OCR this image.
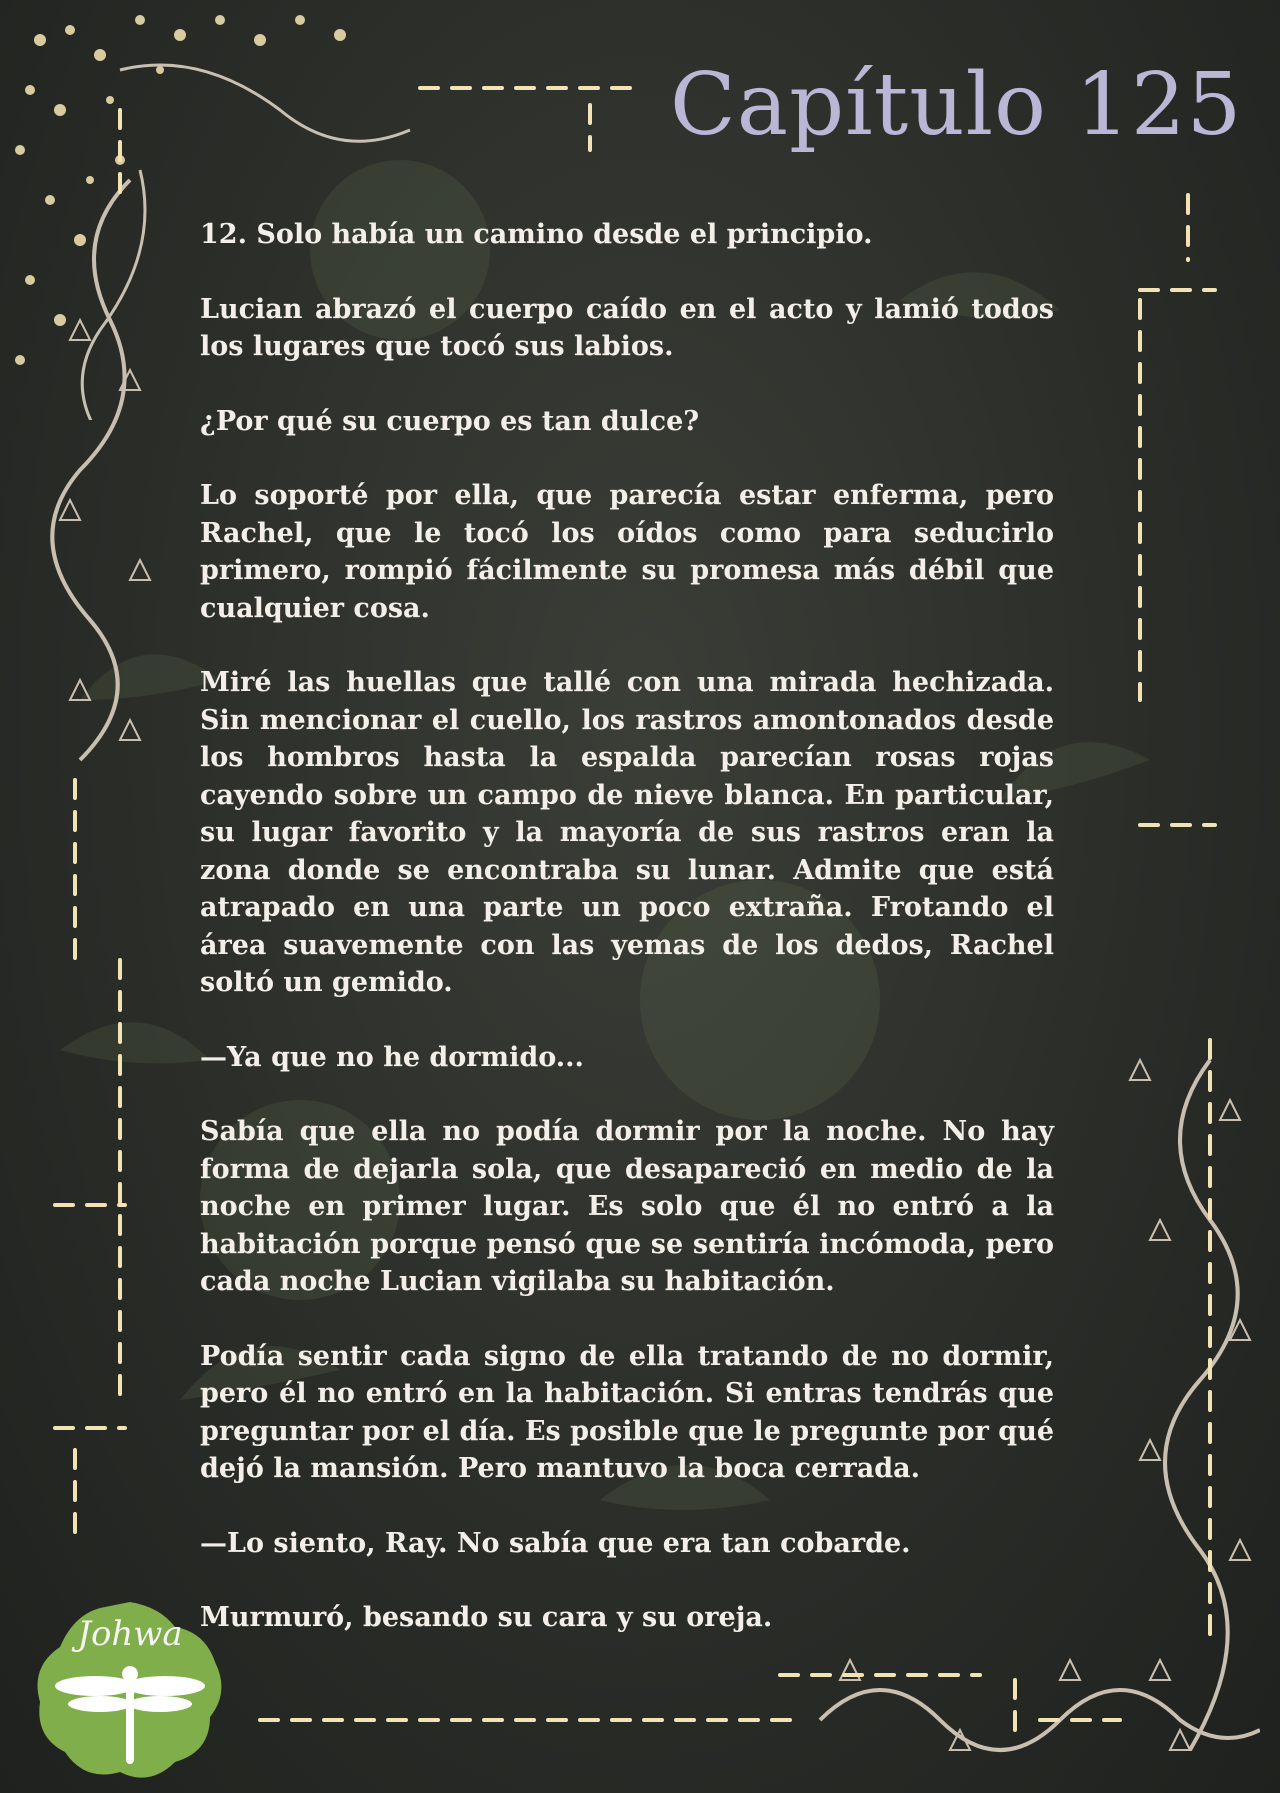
Capítulo 125

12. Solo había un camino desde el principio.

Lucian abrazó el cuerpo caído en el acto y lamió todos los lugares que tocó sus labios.

¿Por qué su cuerpo es tan dulce?

Lo soporté por ella, que parecía estar enferma, pero Rachel, que le tocó los oídos como para seducirlo primero, rompió fácilmente su promesa más débil que cualquier cosa.

Miré las huellas que tallé con una mirada hechizada. Sin mencionar el cuello, los rastros amontonados desde los hombros hasta la espalda parecían rosas rojas cayendo sobre un campo de nieve blanca. En particular, su lugar favorito y la mayoría de sus rastros eran la zona donde se encontraba su lunar. Admite que está atrapado en una parte un poco extraña. Frotando el área suavemente con las yemas de los dedos, Rachel soltó un gemido.

—Ya que no he dormido...

Sabía que ella no podía dormir por la noche. No hay forma de dejarla sola, que desapareció en medio de la noche en primer lugar. Es solo que él no entró a la habitación porque pensó que se sentiría incómoda, pero cada noche Lucian vigilaba su habitación.

Podía sentir cada signo de ella tratando de no dormir, pero él no entró en la habitación. Si entras tendrás que preguntar por el día. Es posible que le pregunte por qué dejó la mansión. Pero mantuvo la boca cerrada.

—Lo siento, Ray. No sabía que era tan cobarde.

Murmuró, besando su cara y su oreja.

Johwa
